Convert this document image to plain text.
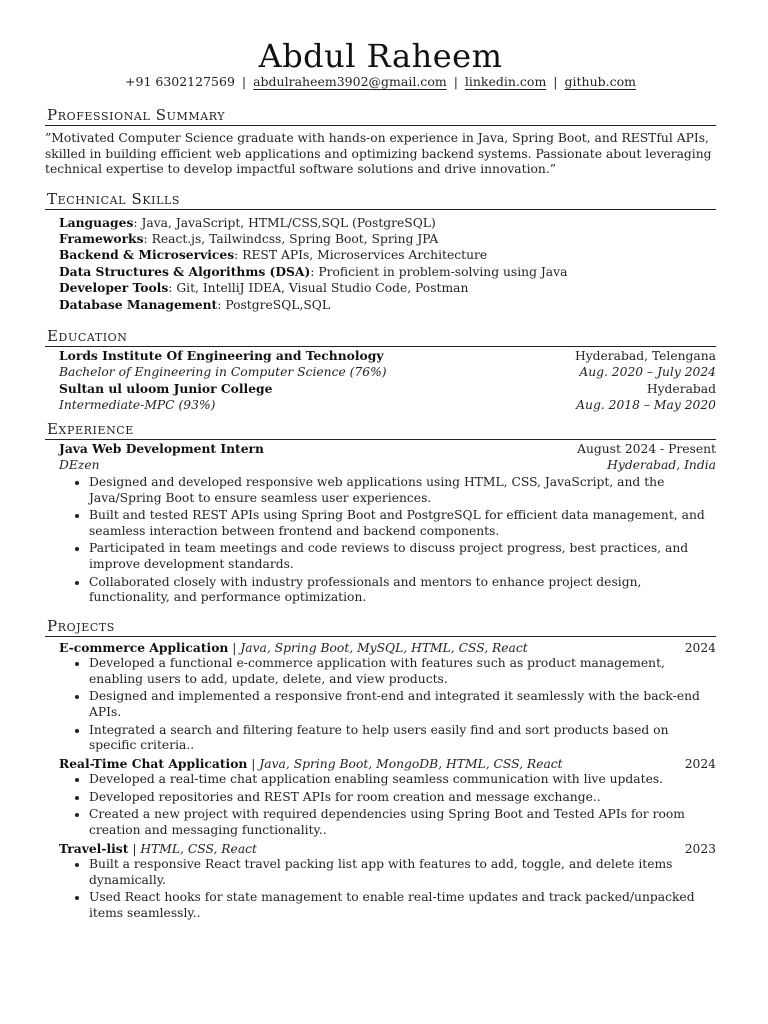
Abdul Raheem
+91 6302127569 | abdulraheem3902@gmail.com | linkedin.com | github.com
Professional Summary

”Motivated Computer Science graduate with hands-on experience in Java, Spring Boot, and RESTful APIs, skilled in building efficient web applications and optimizing backend systems. Passionate about leveraging technical expertise to develop impactful software solutions and drive innovation.”

Technical Skills
Languages: Java, JavaScript, HTML/CSS,SQL (PostgreSQL)
Frameworks: React.js, Tailwindcss, Spring Boot, Spring JPA
Backend & Microservices: REST APIs, Microservices Architecture
Data Structures & Algorithms (DSA): Proficient in problem-solving using Java
Developer Tools: Git, IntelliJ IDEA, Visual Studio Code, Postman
Database Management: PostgreSQL,SQL
Education
Lords Institute Of Engineering and Technology	Hyderabad, Telengana
Bachelor of Engineering in Computer Science (76%)	Aug. 2020 – July 2024
Sultan ul uloom Junior College	Hyderabad
Intermediate-MPC (93%)	Aug. 2018 – May 2020
Experience
Java Web Development Intern	August 2024 - Present
DEzen	Hyderabad, India
• Designed and developed responsive web applications using HTML, CSS, JavaScript, and the Java/Spring Boot to ensure seamless user experiences.
• Built and tested REST APIs using Spring Boot and PostgreSQL for efficient data management, and seamless interaction between frontend and backend components.
• Participated in team meetings and code reviews to discuss project progress, best practices, and improve development standards.
• Collaborated closely with industry professionals and mentors to enhance project design, functionality, and performance optimization.
Projects
E-commerce Application | Java, Spring Boot, MySQL, HTML, CSS, React	2024
• Developed a functional e-commerce application with features such as product management, enabling users to add, update, delete, and view products.
• Designed and implemented a responsive front-end and integrated it seamlessly with the back-end APIs.
• Integrated a search and filtering feature to help users easily find and sort products based on specific criteria..
Real-Time Chat Application | Java, Spring Boot, MongoDB, HTML, CSS, React	2024
• Developed a real-time chat application enabling seamless communication with live updates.
• Developed repositories and REST APIs for room creation and message exchange..
• Created a new project with required dependencies using Spring Boot and Tested APIs for room creation and messaging functionality..
Travel-list | HTML, CSS, React	2023
• Built a responsive React travel packing list app with features to add, toggle, and delete items dynamically.
• Used React hooks for state management to enable real-time updates and track packed/unpacked items seamlessly..
